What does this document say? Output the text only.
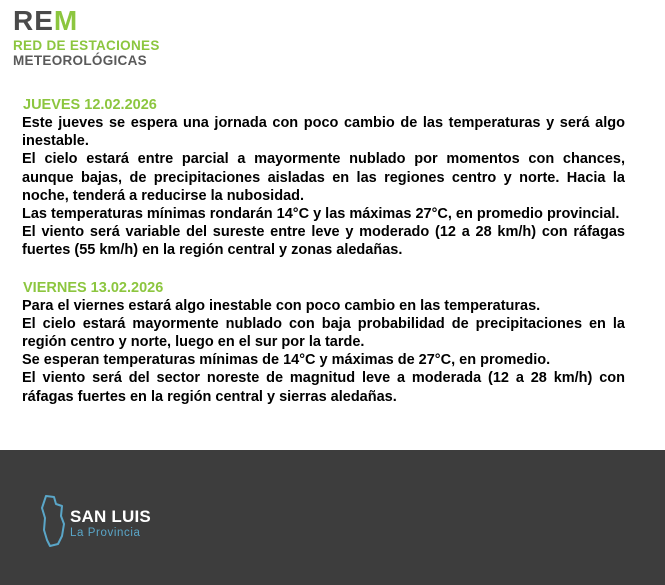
REM
RED DE ESTACIONES
METEOROLÓGICAS

JUEVES 12.02.2026

Este jueves se espera una jornada con poco cambio de las temperaturas y será algo inestable.

El cielo estará entre parcial a mayormente nublado por momentos con chances, aunque bajas, de precipitaciones aisladas en las regiones centro y norte. Hacia la noche, tenderá a reducirse la nubosidad.

Las temperaturas mínimas rondarán 14°C y las máximas 27°C, en promedio provincial.

El viento será variable del sureste entre leve y moderado (12 a 28 km/h) con ráfagas fuertes (55 km/h) en la región central y zonas aledañas.

VIERNES 13.02.2026

Para el viernes estará algo inestable con poco cambio en las temperaturas.

El cielo estará mayormente nublado con baja probabilidad de precipitaciones en la región centro y norte, luego en el sur por la tarde.

Se esperan temperaturas mínimas de 14°C y máximas de 27°C, en promedio.

El viento será del sector noreste de magnitud leve a moderada (12 a 28 km/h) con ráfagas fuertes en la región central y sierras aledañas.

SAN LUIS
La Provincia
